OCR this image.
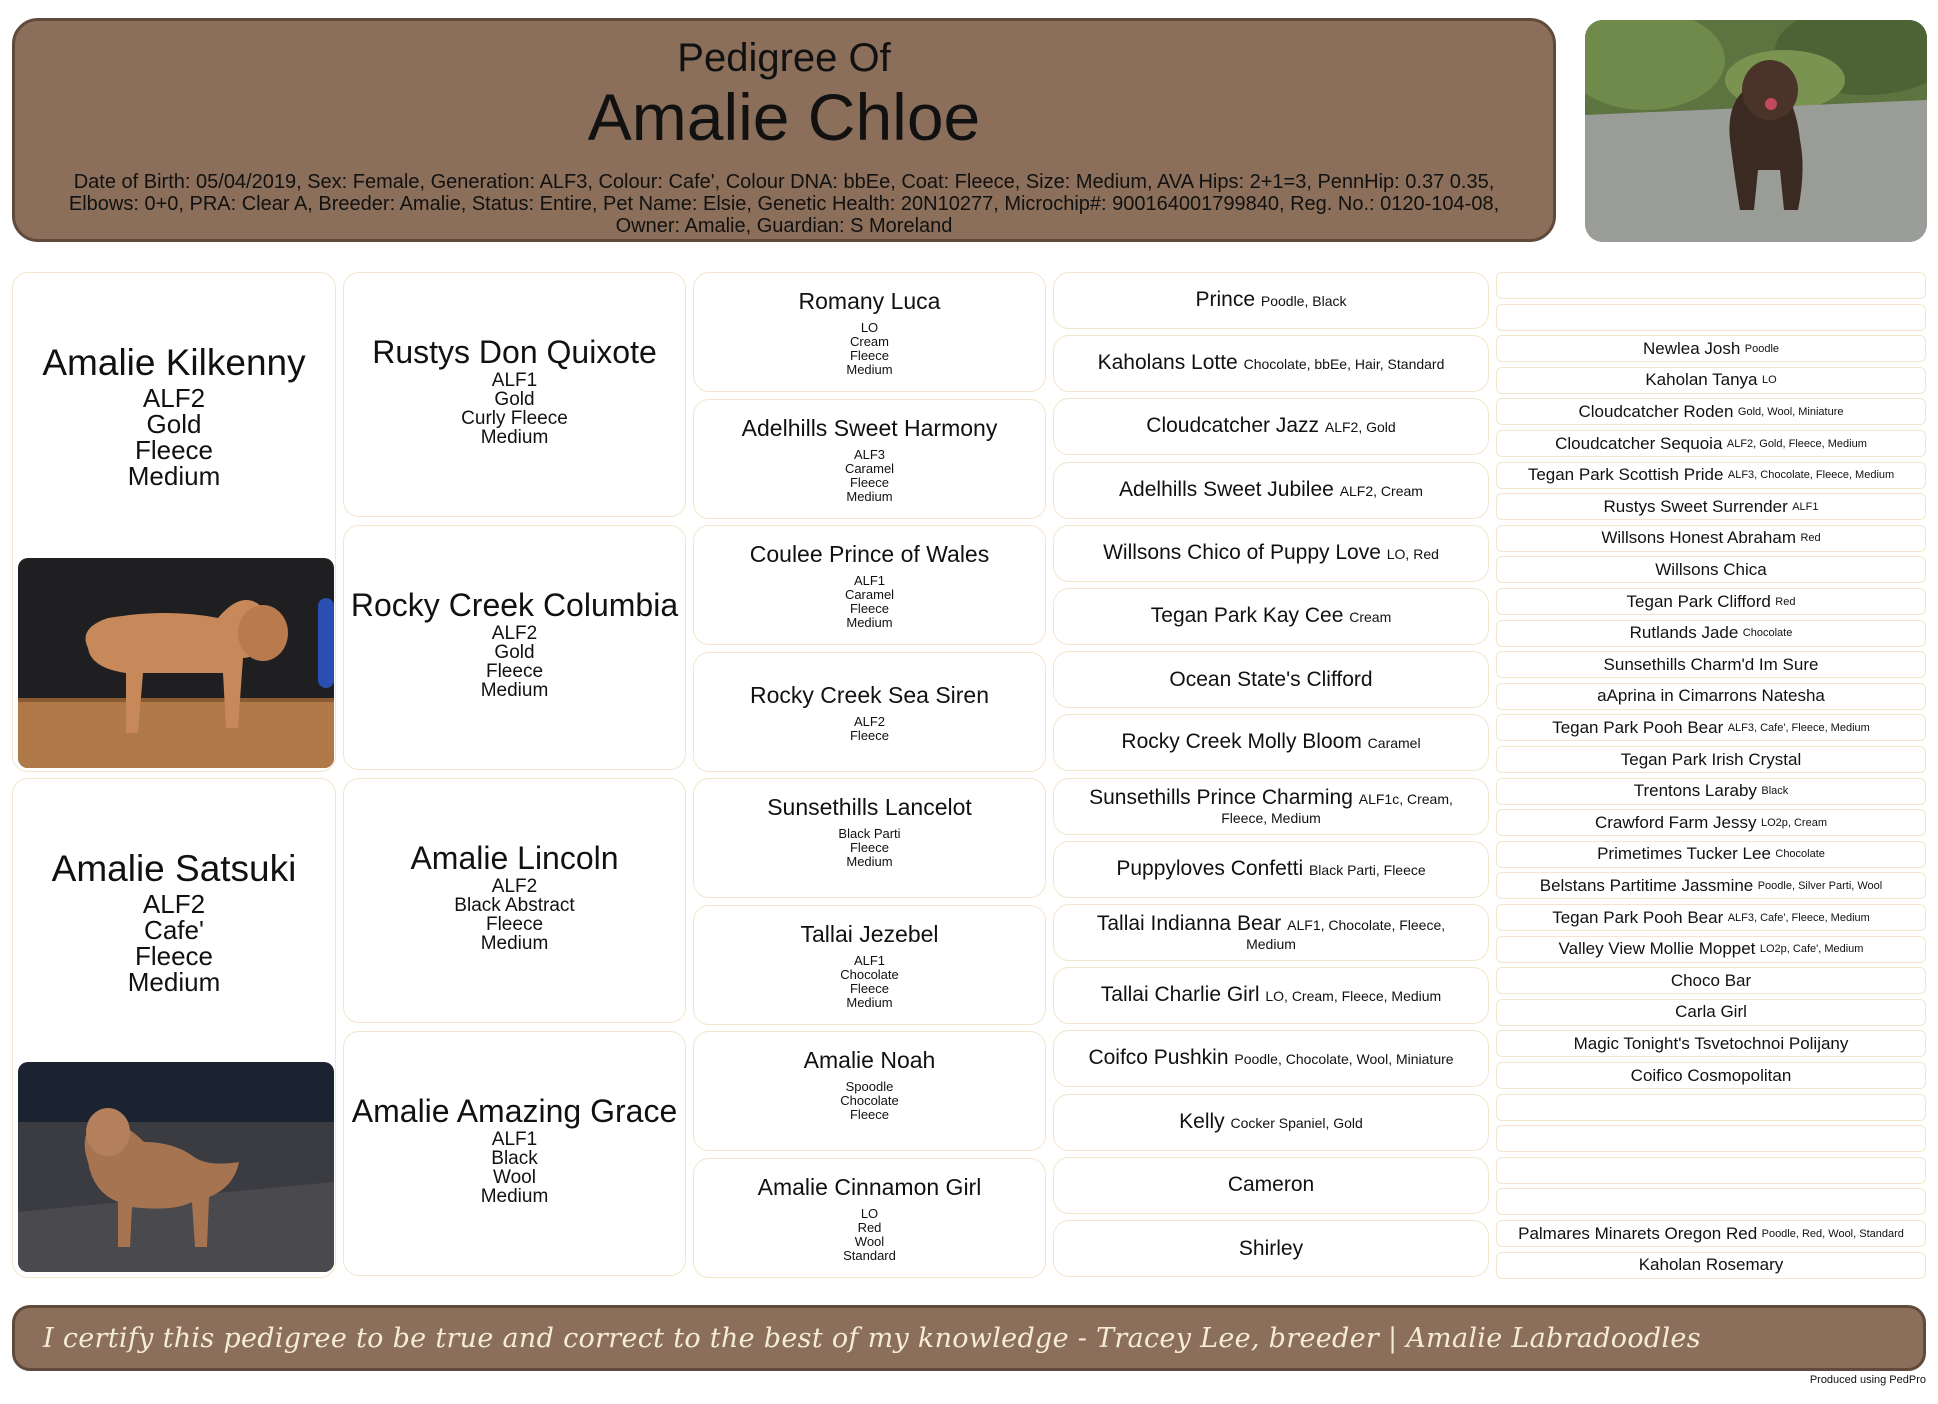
Pedigree Of
Amalie Chloe
Date of Birth: 05/04/2019, Sex: Female, Generation: ALF3, Colour: Cafe', Colour DNA: bbEe, Coat: Fleece, Size: Medium, AVA Hips: 2+1=3, PennHip: 0.37 0.35, Elbows: 0+0, PRA: Clear A, Breeder: Amalie, Status: Entire, Pet Name: Elsie, Genetic Health: 20N10277, Microchip#: 900164001799840, Reg. No.: 0120-104-08, Owner: Amalie, Guardian: S Moreland
Amalie Kilkenny
ALF2
Gold
Fleece
Medium
Amalie Satsuki
ALF2
Cafe'
Fleece
Medium
Rustys Don Quixote
ALF1
Gold
Curly Fleece
Medium
Rocky Creek Columbia
ALF2
Gold
Fleece
Medium
Amalie Lincoln
ALF2
Black Abstract
Fleece
Medium
Amalie Amazing Grace
ALF1
Black
Wool
Medium
Romany Luca
LO
Cream
Fleece
Medium
Adelhills Sweet Harmony
ALF3
Caramel
Fleece
Medium
Coulee Prince of Wales
ALF1
Caramel
Fleece
Medium
Rocky Creek Sea Siren
ALF2
Fleece
Sunsethills Lancelot
Black Parti
Fleece
Medium
Tallai Jezebel
ALF1
Chocolate
Fleece
Medium
Amalie Noah
Spoodle
Chocolate
Fleece
Amalie Cinnamon Girl
LO
Red
Wool
Standard
Prince Poodle, Black
Kaholans Lotte Chocolate, bbEe, Hair, Standard
Cloudcatcher Jazz ALF2, Gold
Adelhills Sweet Jubilee ALF2, Cream
Willsons Chico of Puppy Love LO, Red
Tegan Park Kay Cee Cream
Ocean State's Clifford
Rocky Creek Molly Bloom Caramel
Sunsethills Prince Charming ALF1c, Cream,
Fleece, Medium
Puppyloves Confetti Black Parti, Fleece
Tallai Indianna Bear ALF1, Chocolate, Fleece,
Medium
Tallai Charlie Girl LO, Cream, Fleece, Medium
Coifco Pushkin Poodle, Chocolate, Wool, Miniature
Kelly Cocker Spaniel, Gold
Cameron
Shirley
Newlea Josh
Poodle
Kaholan Tanya
LO
Cloudcatcher Roden
Gold, Wool, Miniature
Cloudcatcher Sequoia
ALF2, Gold, Fleece, Medium
Tegan Park Scottish Pride
ALF3, Chocolate, Fleece, Medium
Rustys Sweet Surrender
ALF1
Willsons Honest Abraham
Red
Willsons Chica
Tegan Park Clifford
Red
Rutlands Jade
Chocolate
Sunsethills Charm'd Im Sure
aAprina in Cimarrons Natesha
Tegan Park Pooh Bear
ALF3, Cafe', Fleece, Medium
Tegan Park Irish Crystal
Trentons Laraby
Black
Crawford Farm Jessy
LO2p, Cream
Primetimes Tucker Lee
Chocolate
Belstans Partitime Jassmine
Poodle, Silver Parti, Wool
Tegan Park Pooh Bear
ALF3, Cafe', Fleece, Medium
Valley View Mollie Moppet
LO2p, Cafe', Medium
Choco Bar
Carla Girl
Magic Tonight's Tsvetochnoi Polijany
Coifico Cosmopolitan
Palmares Minarets Oregon Red
Poodle, Red, Wool, Standard
Kaholan Rosemary
I certify this pedigree to be true and correct to the best of my knowledge - Tracey Lee, breeder | Amalie Labradoodles
Produced using PedPro
